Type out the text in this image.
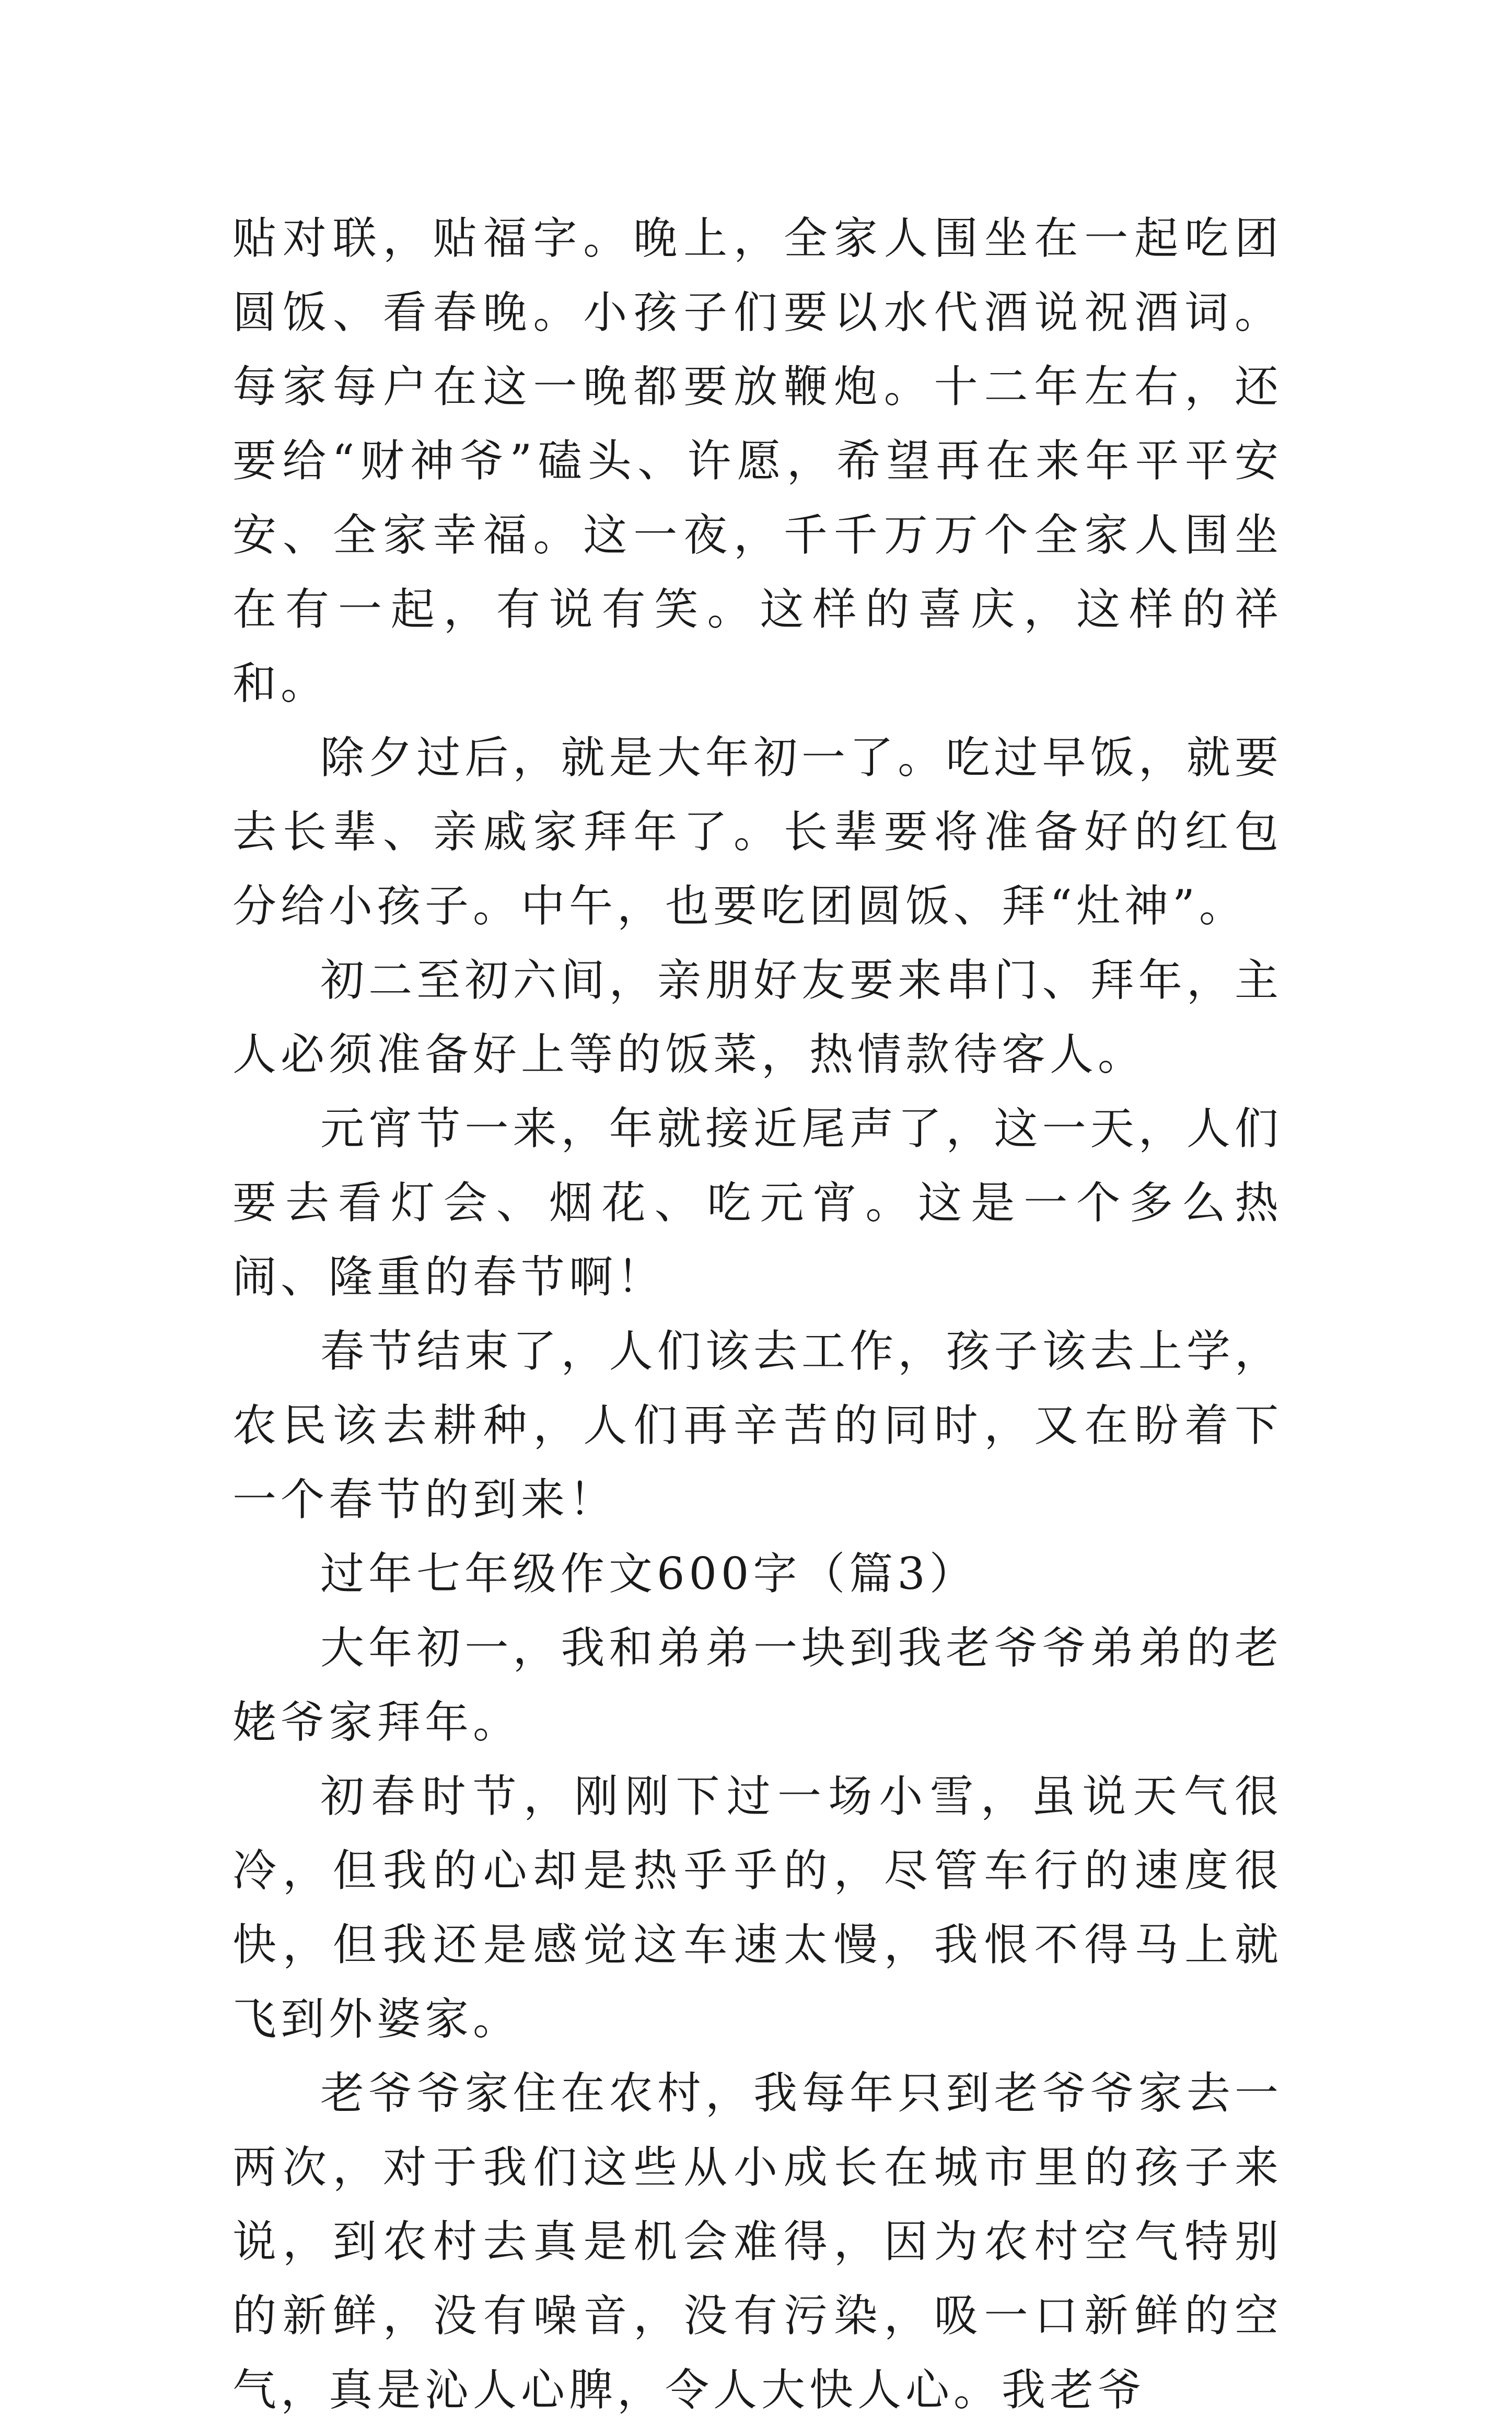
贴对联，贴福字。晚上，全家人围坐在一起吃团圆饭、看春晚。小孩子们要以水代酒说祝酒词。每家每户在这一晚都要放鞭炮。十二年左右，还要给“财神爷”磕头、许愿，希望再在来年平平安安、全家幸福。这一夜，千千万万个全家人围坐在有一起，有说有笑。这样的喜庆，这样的祥和。

除夕过后，就是大年初一了。吃过早饭，就要去长辈、亲戚家拜年了。长辈要将准备好的红包分给小孩子。中午，也要吃团圆饭、拜“灶神”。

初二至初六间，亲朋好友要来串门、拜年，主人必须准备好上等的饭菜，热情款待客人。

元宵节一来，年就接近尾声了，这一天，人们要去看灯会、烟花、吃元宵。这是一个多么热闹、隆重的春节啊！

春节结束了，人们该去工作，孩子该去上学，农民该去耕种，人们再辛苦的同时，又在盼着下一个春节的到来！

过年七年级作文600字（篇3）

大年初一，我和弟弟一块到我老爷爷弟弟的老姥爷家拜年。

初春时节，刚刚下过一场小雪，虽说天气很冷，但我的心却是热乎乎的，尽管车行的速度很快，但我还是感觉这车速太慢，我恨不得马上就飞到外婆家。

老爷爷家住在农村，我每年只到老爷爷家去一两次，对于我们这些从小成长在城市里的孩子来说，到农村去真是机会难得，因为农村空气特别的新鲜，没有噪音，没有污染，吸一口新鲜的空气，真是沁人心脾，令人大快人心。我老爷
